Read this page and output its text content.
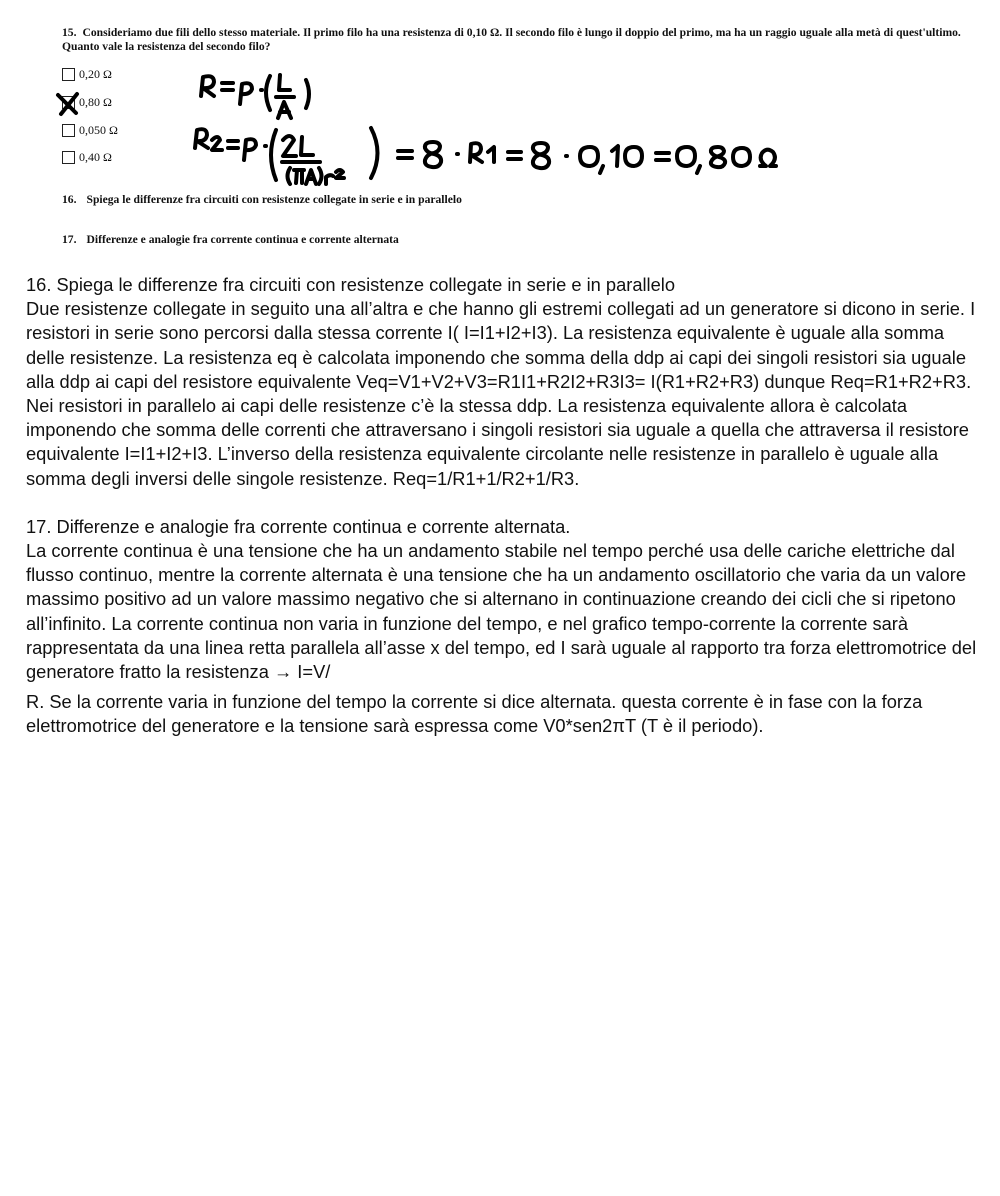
15. Consideriamo due fili dello stesso materiale. Il primo filo ha una resistenza di 0,10 Ω. Il secondo filo è lungo il doppio del primo, ma ha un raggio uguale alla metà di quest'ultimo. Quanto vale la resistenza del secondo filo?
0,20 Ω
0,80 Ω
0,050 Ω
0,40 Ω
16. Spiega le differenze fra circuiti con resistenze collegate in serie e in parallelo
17. Differenze e analogie fra corrente continua e corrente alternata

16. Spiega le differenze fra circuiti con resistenze collegate in serie e in parallelo

Due resistenze collegate in seguito una all’altra e che hanno gli estremi collegati ad un generatore si dicono in serie. I resistori in serie sono percorsi dalla stessa corrente I( I=I1+I2+I3). La resistenza equivalente è uguale alla somma delle resistenze. La resistenza eq è calcolata imponendo che somma della ddp ai capi dei singoli resistori sia uguale alla ddp ai capi del resistore equivalente Veq=V1+V2+V3=R1I1+R2I2+R3I3= I(R1+R2+R3) dunque Req=R1+R2+R3.

Nei resistori in parallelo ai capi delle resistenze c’è la stessa ddp. La resistenza equivalente allora è calcolata imponendo che somma delle correnti che attraversano i singoli resistori sia uguale a quella che attraversa il resistore equivalente I=I1+I2+I3. L’inverso della resistenza equivalente circolante nelle resistenze in parallelo è uguale alla somma degli inversi delle singole resistenze. Req=1/R1+1/R2+1/R3.

17. Differenze e analogie fra corrente continua e corrente alternata.

La corrente continua è una tensione che ha un andamento stabile nel tempo perché usa delle cariche elettriche dal flusso continuo, mentre la corrente alternata è una tensione che ha un andamento oscillatorio che varia da un valore massimo positivo ad un valore massimo negativo che si alternano in continuazione creando dei cicli che si ripetono all’infinito. La corrente continua non varia in funzione del tempo, e nel grafico tempo-corrente la corrente sarà rappresentata da una linea retta parallela all’asse x del tempo, ed I sarà uguale al rapporto tra forza elettromotrice del generatore fratto la resistenza → I=V/

R. Se la corrente varia in funzione del tempo la corrente si dice alternata. questa corrente è in fase con la forza elettromotrice del generatore e la tensione sarà espressa come V0*sen2πT (T è il periodo).
